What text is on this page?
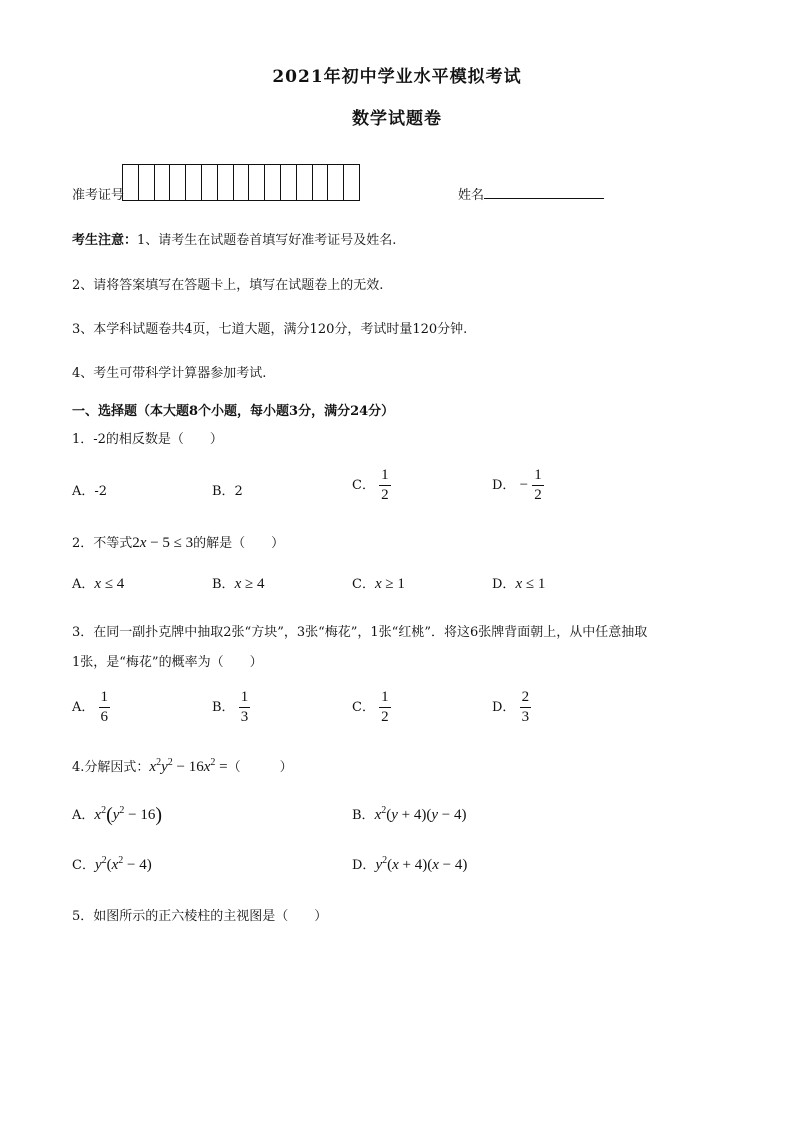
2021年初中学业水平模拟考试
数学试题卷
准考证号	姓名
考生注意：1、请考生在试题卷首填写好准考证号及姓名.
2、请将答案填写在答题卡上，填写在试题卷上的无效.
3、本学科试题卷共4页，七道大题，满分120分，考试时量120分钟.
4、考生可带科学计算器参加考试.
一、选择题（本大题8个小题，每小题3分，满分24分）
1．-2的相反数是（　　）
A．-2	B．2	C． $\frac{1}{2}$	D． − $\frac{1}{2}$
2．不等式2x − 5 ≤ 3的解是（　　）
A．x ≤ 4	B．x ≥ 4	C．x ≥ 1	D．x ≤ 1
3．在同一副扑克牌中抽取2张“方块”，3张“梅花”，1张“红桃”．将这6张牌背面朝上，从中任意抽取
1张，是“梅花”的概率为（　　）
A． $\frac{1}{6}$	B． $\frac{1}{3}$	C． $\frac{1}{2}$	D． $\frac{2}{3}$
4.分解因式：$x^2y^2 - 16x^2$ =（　　　）
A．$x^2(y^2 - 16)$	B．$x^2(y + 4)(y - 4)$
C．$y^2(x^2 - 4)$	D．$y^2(x + 4)(x - 4)$
5．如图所示的正六棱柱的主视图是（　　）
